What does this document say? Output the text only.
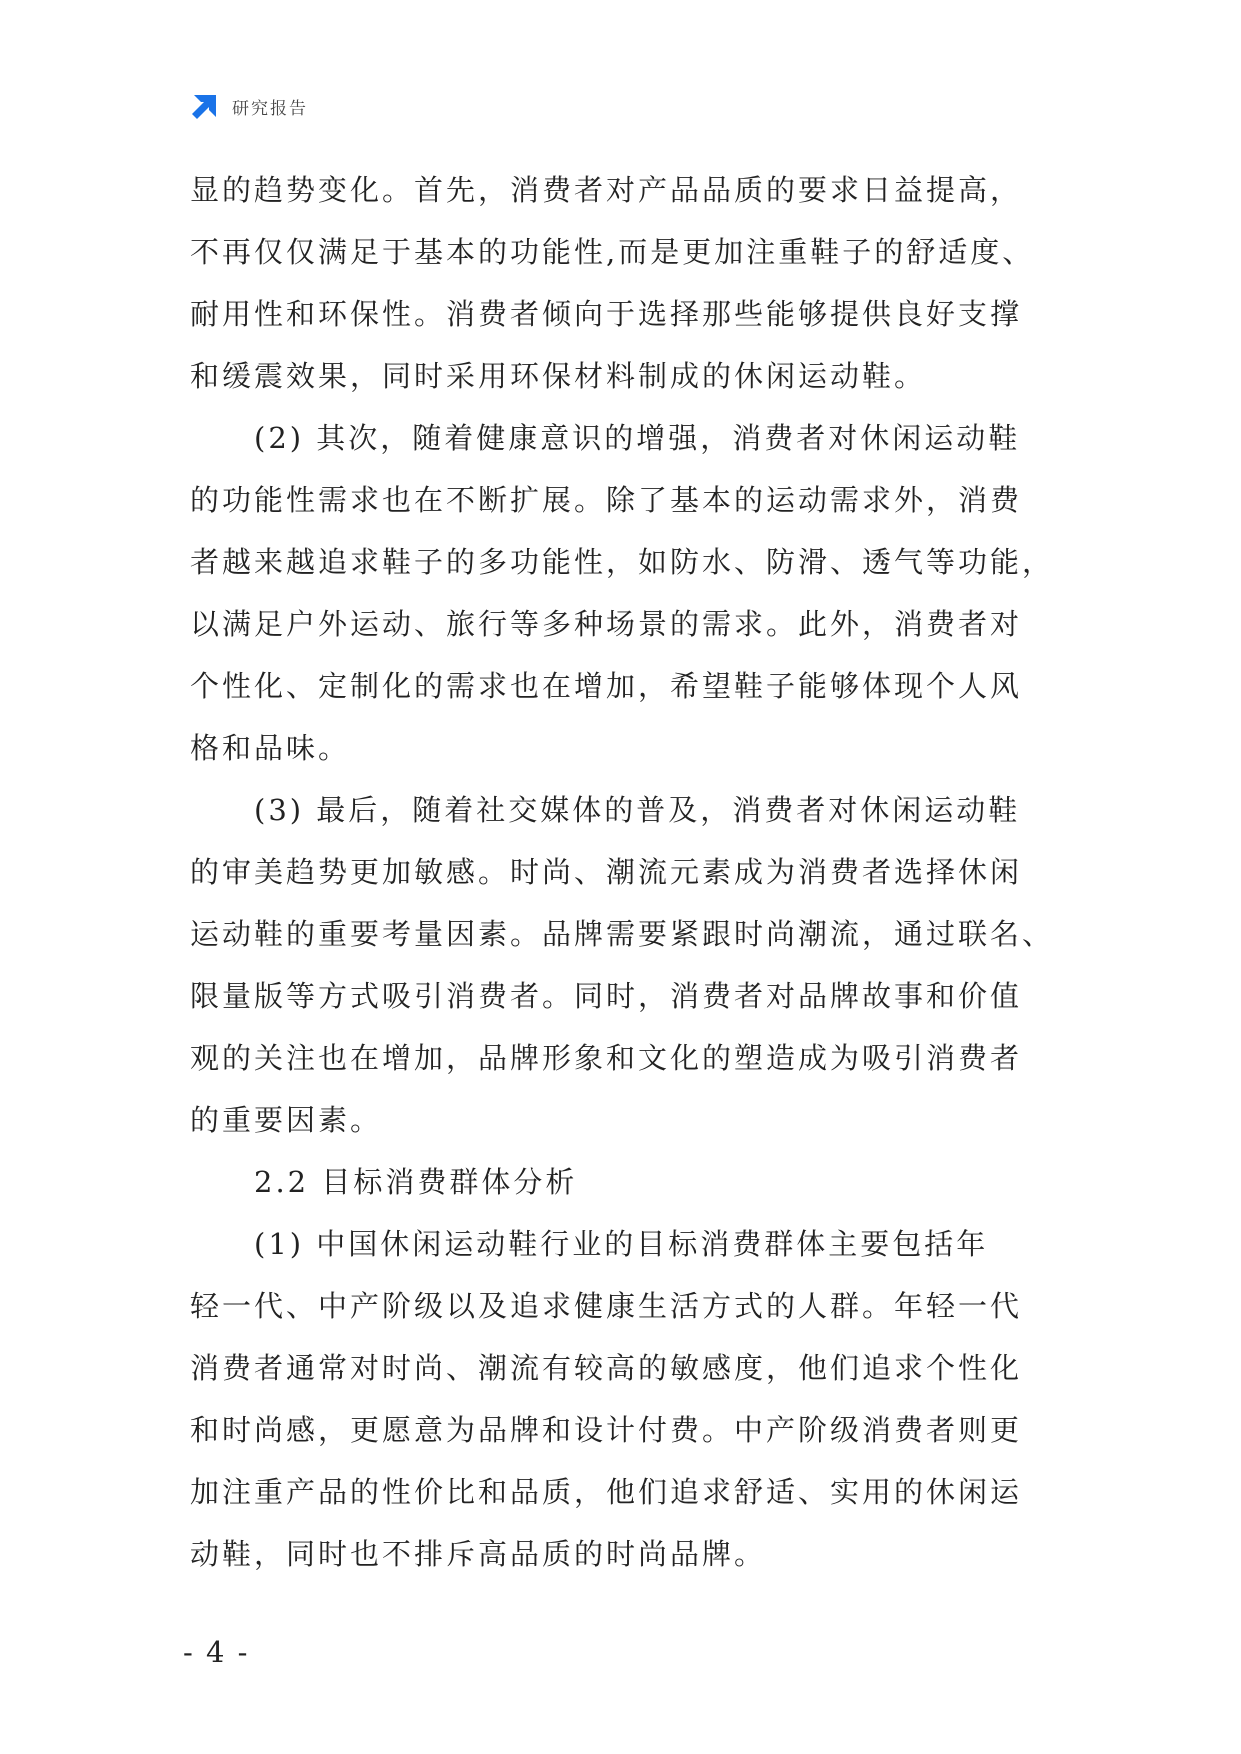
研究报告
显的趋势变化。首先，消费者对产品品质的要求日益提高，
不再仅仅满足于基本的功能性,而是更加注重鞋子的舒适度、
耐用性和环保性。消费者倾向于选择那些能够提供良好支撑
和缓震效果，同时采用环保材料制成的休闲运动鞋。
(2) 其次，随着健康意识的增强，消费者对休闲运动鞋
的功能性需求也在不断扩展。除了基本的运动需求外，消费
者越来越追求鞋子的多功能性，如防水、防滑、透气等功能，
以满足户外运动、旅行等多种场景的需求。此外，消费者对
个性化、定制化的需求也在增加，希望鞋子能够体现个人风
格和品味。
(3) 最后，随着社交媒体的普及，消费者对休闲运动鞋
的审美趋势更加敏感。时尚、潮流元素成为消费者选择休闲
运动鞋的重要考量因素。品牌需要紧跟时尚潮流，通过联名、
限量版等方式吸引消费者。同时，消费者对品牌故事和价值
观的关注也在增加，品牌形象和文化的塑造成为吸引消费者
的重要因素。
2.2 目标消费群体分析
(1) 中国休闲运动鞋行业的目标消费群体主要包括年
轻一代、中产阶级以及追求健康生活方式的人群。年轻一代
消费者通常对时尚、潮流有较高的敏感度，他们追求个性化
和时尚感，更愿意为品牌和设计付费。中产阶级消费者则更
加注重产品的性价比和品质，他们追求舒适、实用的休闲运
动鞋，同时也不排斥高品质的时尚品牌。
- 4 -
